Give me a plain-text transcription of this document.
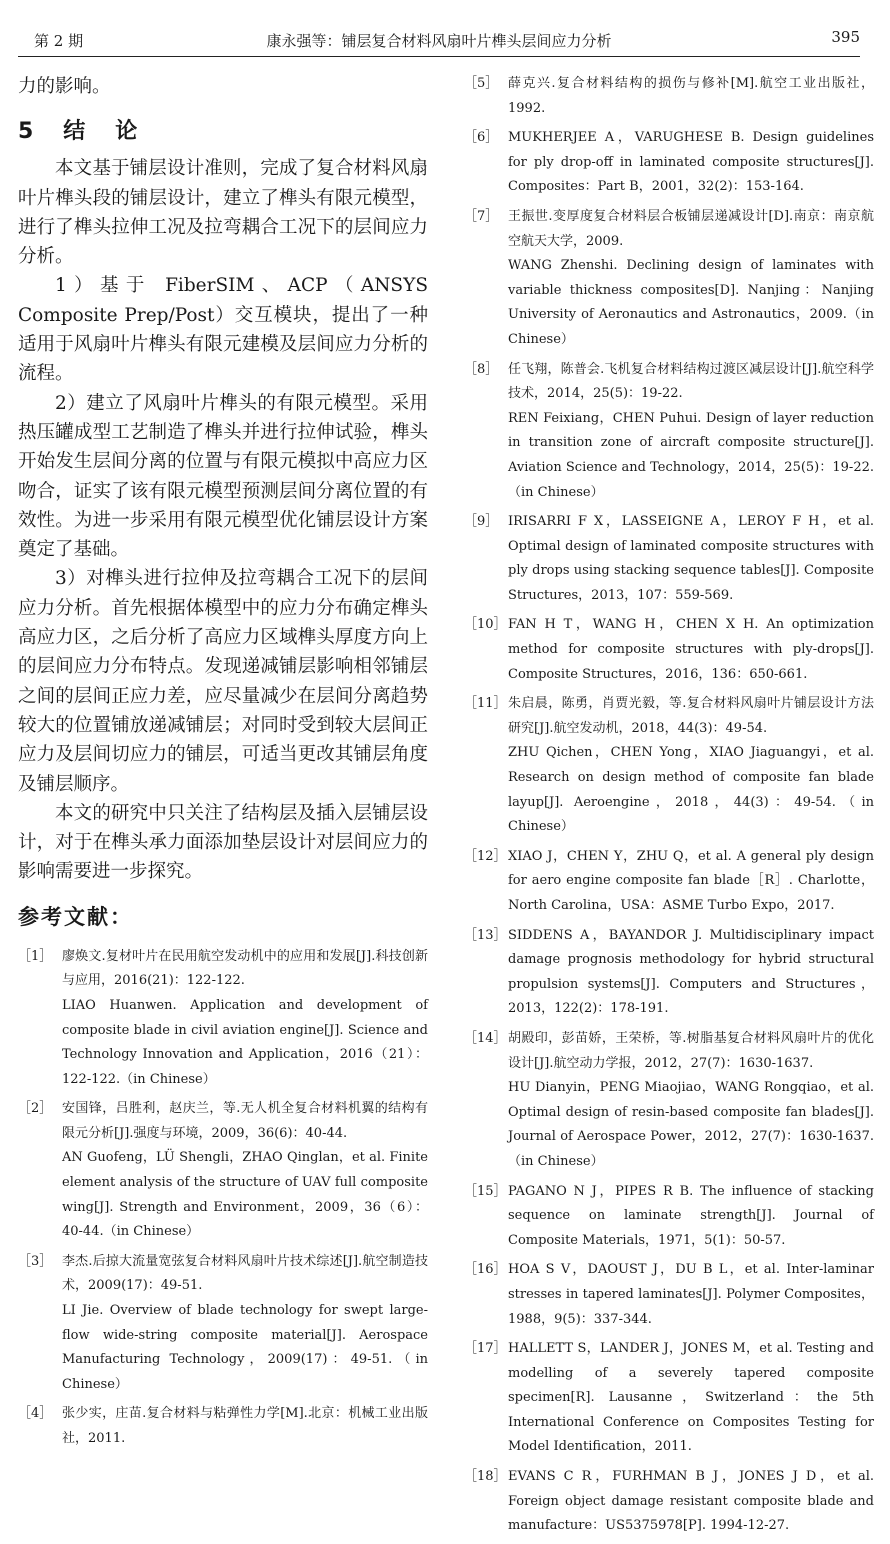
第 2 期	康永强等：铺层复合材料风扇叶片榫头层间应力分析	395

力的影响。

5　结　论

本文基于铺层设计准则，完成了复合材料风扇叶片榫头段的铺层设计，建立了榫头有限元模型，进行了榫头拉伸工况及拉弯耦合工况下的层间应力分析。

1）基于 FiberSIM、ACP（ANSYS Composite Prep/Post）交互模块，提出了一种适用于风扇叶片榫头有限元建模及层间应力分析的流程。

2）建立了风扇叶片榫头的有限元模型。采用热压罐成型工艺制造了榫头并进行拉伸试验，榫头开始发生层间分离的位置与有限元模拟中高应力区吻合，证实了该有限元模型预测层间分离位置的有效性。为进一步采用有限元模型优化铺层设计方案奠定了基础。

3）对榫头进行拉伸及拉弯耦合工况下的层间应力分析。首先根据体模型中的应力分布确定榫头高应力区，之后分析了高应力区域榫头厚度方向上的层间应力分布特点。发现递减铺层影响相邻铺层之间的层间正应力差，应尽量减少在层间分离趋势较大的位置铺放递减铺层；对同时受到较大层间正应力及层间切应力的铺层，可适当更改其铺层角度及铺层顺序。

本文的研究中只关注了结构层及插入层铺层设计，对于在榫头承力面添加垫层设计对层间应力的影响需要进一步探究。

参考文献：
［1］ 廖焕文.复材叶片在民用航空发动机中的应用和发展[J].科技创新与应用，2016(21)：122-122.
LIAO Huanwen. Application and development of composite blade in civil aviation engine[J]. Science and Technology Innovation and Application，2016（21）：122-122.（in Chinese）
［2］ 安国锋，吕胜利，赵庆兰，等.无人机全复合材料机翼的结构有限元分析[J].强度与环境，2009，36(6)：40-44.
AN Guofeng，LÜ Shengli，ZHAO Qinglan，et al. Finite element analysis of the structure of UAV full composite wing[J]. Strength and Environment，2009，36（6）：40-44.（in Chinese）
［3］ 李杰.后掠大流量宽弦复合材料风扇叶片技术综述[J].航空制造技术，2009(17)：49-51.
LI Jie. Overview of blade technology for swept large-flow wide-string composite material[J]. Aerospace Manufacturing Technology，2009(17)：49-51.（in Chinese）
［4］ 张少实，庄苗.复合材料与粘弹性力学[M].北京：机械工业出版社，2011.
［5］ 薛克兴.复合材料结构的损伤与修补[M].航空工业出版社，1992.
［6］ MUKHERJEE A，VARUGHESE B. Design guidelines for ply drop-off in laminated composite structures[J]. Composites：Part B，2001，32(2)：153-164.
［7］ 王振世.变厚度复合材料层合板铺层递减设计[D].南京：南京航空航天大学，2009.
WANG Zhenshi. Declining design of laminates with variable thickness composites[D]. Nanjing：Nanjing University of Aeronautics and Astronautics，2009.（in Chinese）
［8］ 任飞翔，陈普会.飞机复合材料结构过渡区减层设计[J].航空科学技术，2014，25(5)：19-22.
REN Feixiang，CHEN Puhui. Design of layer reduction in transition zone of aircraft composite structure[J]. Aviation Science and Technology，2014，25(5)：19-22.（in Chinese）
［9］ IRISARRI F X，LASSEIGNE A，LEROY F H，et al. Optimal design of laminated composite structures with ply drops using stacking sequence tables[J]. Composite Structures，2013，107：559-569.
［10］ FAN H T，WANG H，CHEN X H. An optimization method for composite structures with ply-drops[J]. Composite Structures，2016，136：650-661.
［11］ 朱启晨，陈勇，肖贾光毅，等.复合材料风扇叶片铺层设计方法研究[J].航空发动机，2018，44(3)：49-54.
ZHU Qichen，CHEN Yong，XIAO Jiaguangyi，et al. Research on design method of composite fan blade layup[J]. Aeroengine，2018，44(3)：49-54.（in Chinese）
［12］ XIAO J，CHEN Y，ZHU Q，et al. A general ply design for aero engine composite fan blade［R］. Charlotte，North Carolina，USA：ASME Turbo Expo，2017.
［13］ SIDDENS A，BAYANDOR J. Multidisciplinary impact damage prognosis methodology for hybrid structural propulsion systems[J]. Computers and Structures，2013，122(2)：178-191.
［14］ 胡殿印，彭苗娇，王荣桥，等.树脂基复合材料风扇叶片的优化设计[J].航空动力学报，2012，27(7)：1630-1637.
HU Dianyin，PENG Miaojiao，WANG Rongqiao，et al. Optimal design of resin-based composite fan blades[J]. Journal of Aerospace Power，2012，27(7)：1630-1637.（in Chinese）
［15］ PAGANO N J，PIPES R B. The influence of stacking sequence on laminate strength[J]. Journal of Composite Materials，1971，5(1)：50-57.
［16］ HOA S V，DAOUST J，DU B L，et al. Inter-laminar stresses in tapered laminates[J]. Polymer Composites，1988，9(5)：337-344.
［17］ HALLETT S，LANDER J，JONES M，et al. Testing and modelling of a severely tapered composite specimen[R]. Lausanne，Switzerland：the 5th International Conference on Composites Testing for Model Identification，2011.
［18］ EVANS C R，FURHMAN B J，JONES J D，et al. Foreign object damage resistant composite blade and manufacture：US5375978[P]. 1994-12-27.
